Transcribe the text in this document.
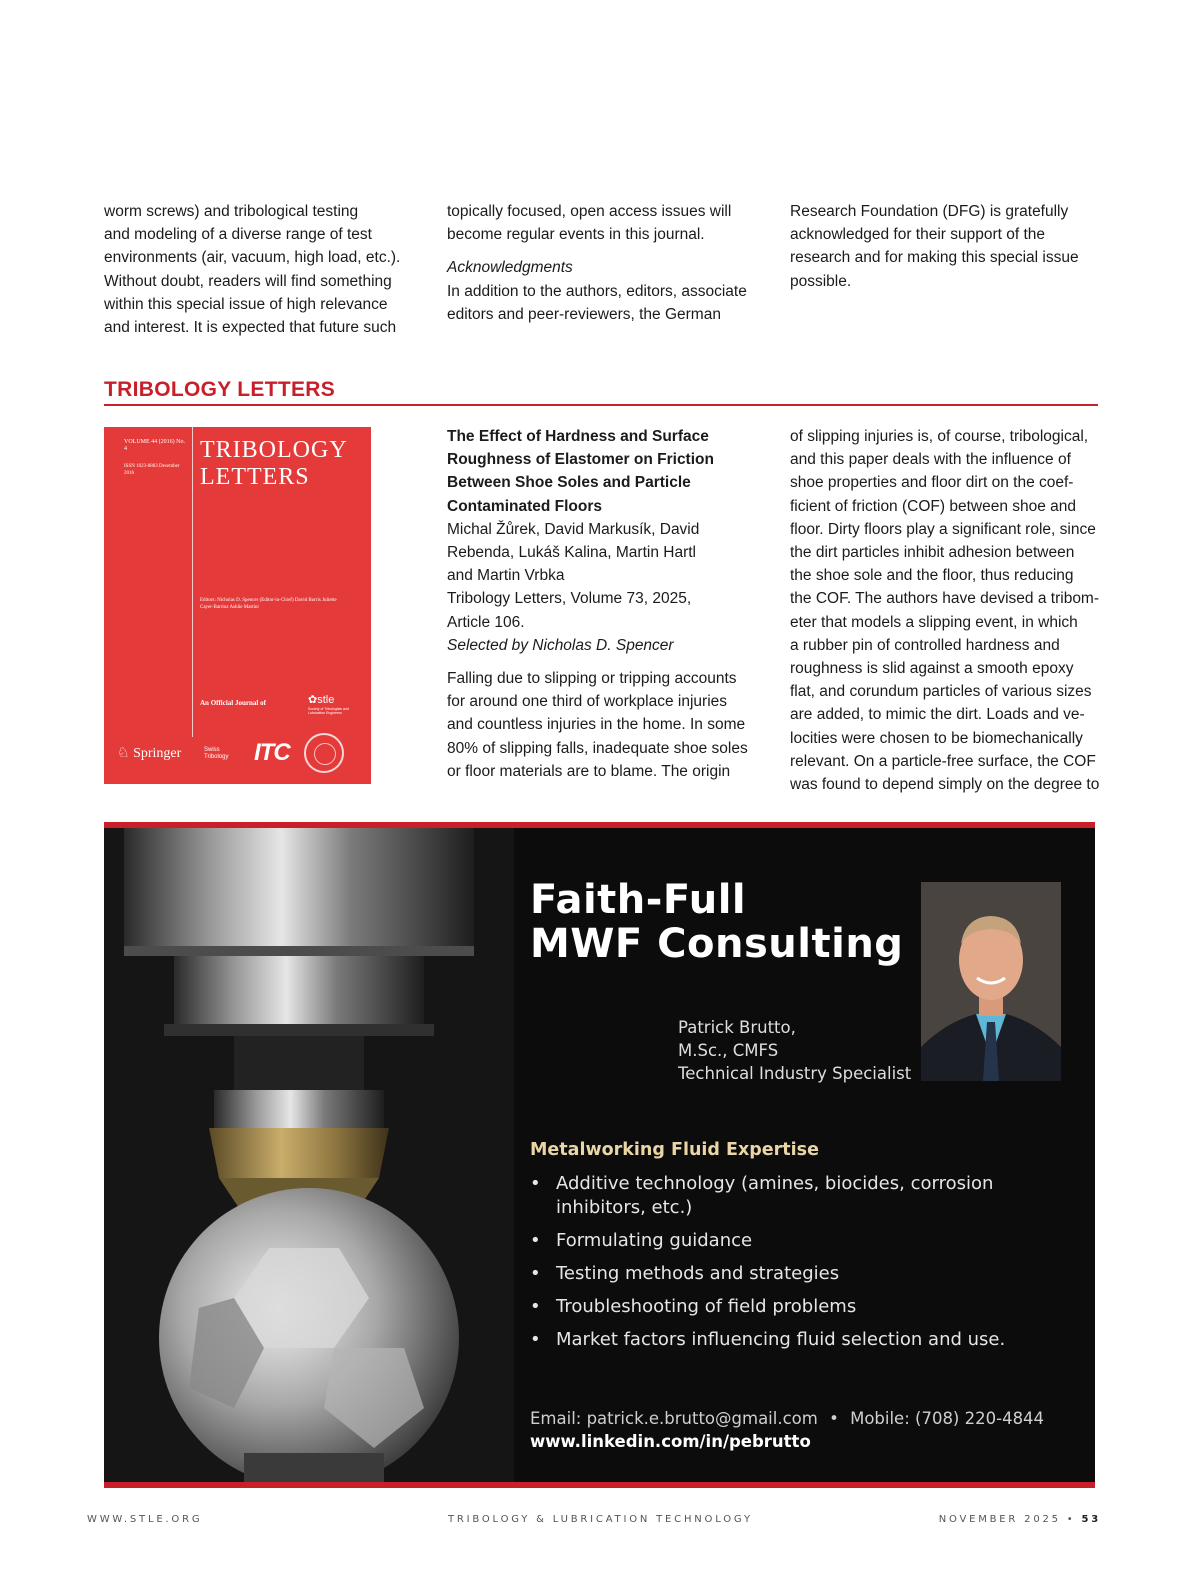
worm screws) and tribological testing

and modeling of a diverse range of test

environments (air, vacuum, high load, etc.).

Without doubt, readers will find something

within this special issue of high relevance

and interest. It is expected that future such

topically focused, open access issues will

become regular events in this journal.

Acknowledgments

In addition to the authors, editors, associate

editors and peer-reviewers, the German

Research Foundation (DFG) is gratefully

acknowledged for their support of the

research and for making this special issue

possible.

TRIBOLOGY LETTERS
VOLUME 44 (2016) No. 4
ISSN 1023-8883 December 2016
TRIBOLOGY
LETTERS
Editors: Nicholas D. Spencer (Editor-in-Chief) David Burris Juliette Cayer-Barrioz Ashlie Martini
An Official Journal of	✿stle
Society of Tribologists and Lubrication Engineers
♘ Springer	Swiss Tribology	ITC

The Effect of Hardness and Surface

Roughness of Elastomer on Friction

Between Shoe Soles and Particle

Contaminated Floors

Michal Žůrek, David Markusík, David

Rebenda, Lukáš Kalina, Martin Hartl

and Martin Vrbka

Tribology Letters, Volume 73, 2025,

Article 106.

Selected by Nicholas D. Spencer

Falling due to slipping or tripping accounts

for around one third of workplace injuries

and countless injuries in the home. In some

80% of slipping falls, inadequate shoe soles

or floor materials are to blame. The origin

of slipping injuries is, of course, tribological,

and this paper deals with the influence of

shoe properties and floor dirt on the coef-

ficient of friction (COF) between shoe and

floor. Dirty floors play a significant role, since

the dirt particles inhibit adhesion between

the shoe sole and the floor, thus reducing

the COF. The authors have devised a tribom-

eter that models a slipping event, in which

a rubber pin of controlled hardness and

roughness is slid against a smooth epoxy

flat, and corundum particles of various sizes

are added, to mimic the dirt. Loads and ve-

locities were chosen to be biomechanically

relevant. On a particle-free surface, the COF

was found to depend simply on the degree to

Faith-Full
MWF Consulting
Patrick Brutto,
M.Sc., CMFS
Technical Industry Specialist
Metalworking Fluid Expertise
• Additive technology (amines, biocides, corrosion inhibitors, etc.)
• Formulating guidance
• Testing methods and strategies
• Troubleshooting of field problems
• Market factors influencing fluid selection and use.
Email: patrick.e.brutto@gmail.com • Mobile: (708) 220-4844
www.linkedin.com/in/pebrutto
WWW.STLE.ORG	TRIBOLOGY & LUBRICATION TECHNOLOGY	NOVEMBER 2025 • 53
